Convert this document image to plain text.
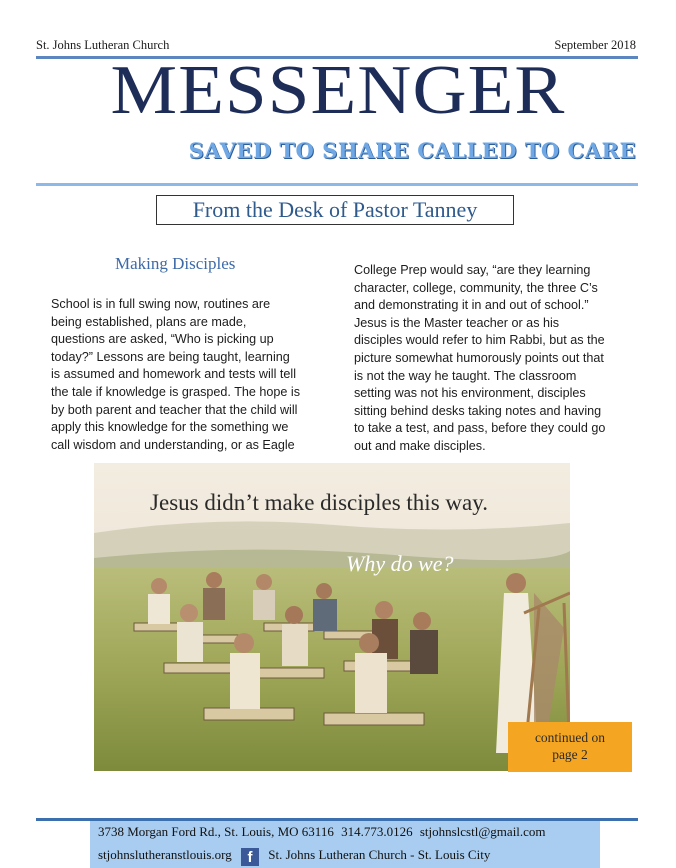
St. Johns Lutheran Church	September 2018
MESSENGER
SAVED TO SHARE CALLED TO CARE
From the Desk of Pastor Tanney
Making Disciples
School is in full swing now, routines are
being established, plans are made,
questions are asked, “Who is picking up
today?” Lessons are being taught, learning
is assumed and homework and tests will tell
the tale if knowledge is grasped. The hope is
by both parent and teacher that the child will
apply this knowledge for the something we
call wisdom and understanding, or as Eagle
College Prep would say, “are they learning
character, college, community, the three C’s
and demonstrating it in and out of school.”
Jesus is the Master teacher or as his
disciples would refer to him Rabbi, but as the
picture somewhat humorously points out that
is not the way he taught. The classroom
setting was not his environment, disciples
sitting behind desks taking notes and having
to take a test, and pass, before they could go
out and make disciples.
Jesus didn’t make disciples this way.
Why do we?
continued on
page 2
3738 Morgan Ford Rd., St. Louis, MO 63116 314.773.0126 stjohnslcstl@gmail.com
stjohnslutheranstlouis.org f St. Johns Lutheran Church - St. Louis City
